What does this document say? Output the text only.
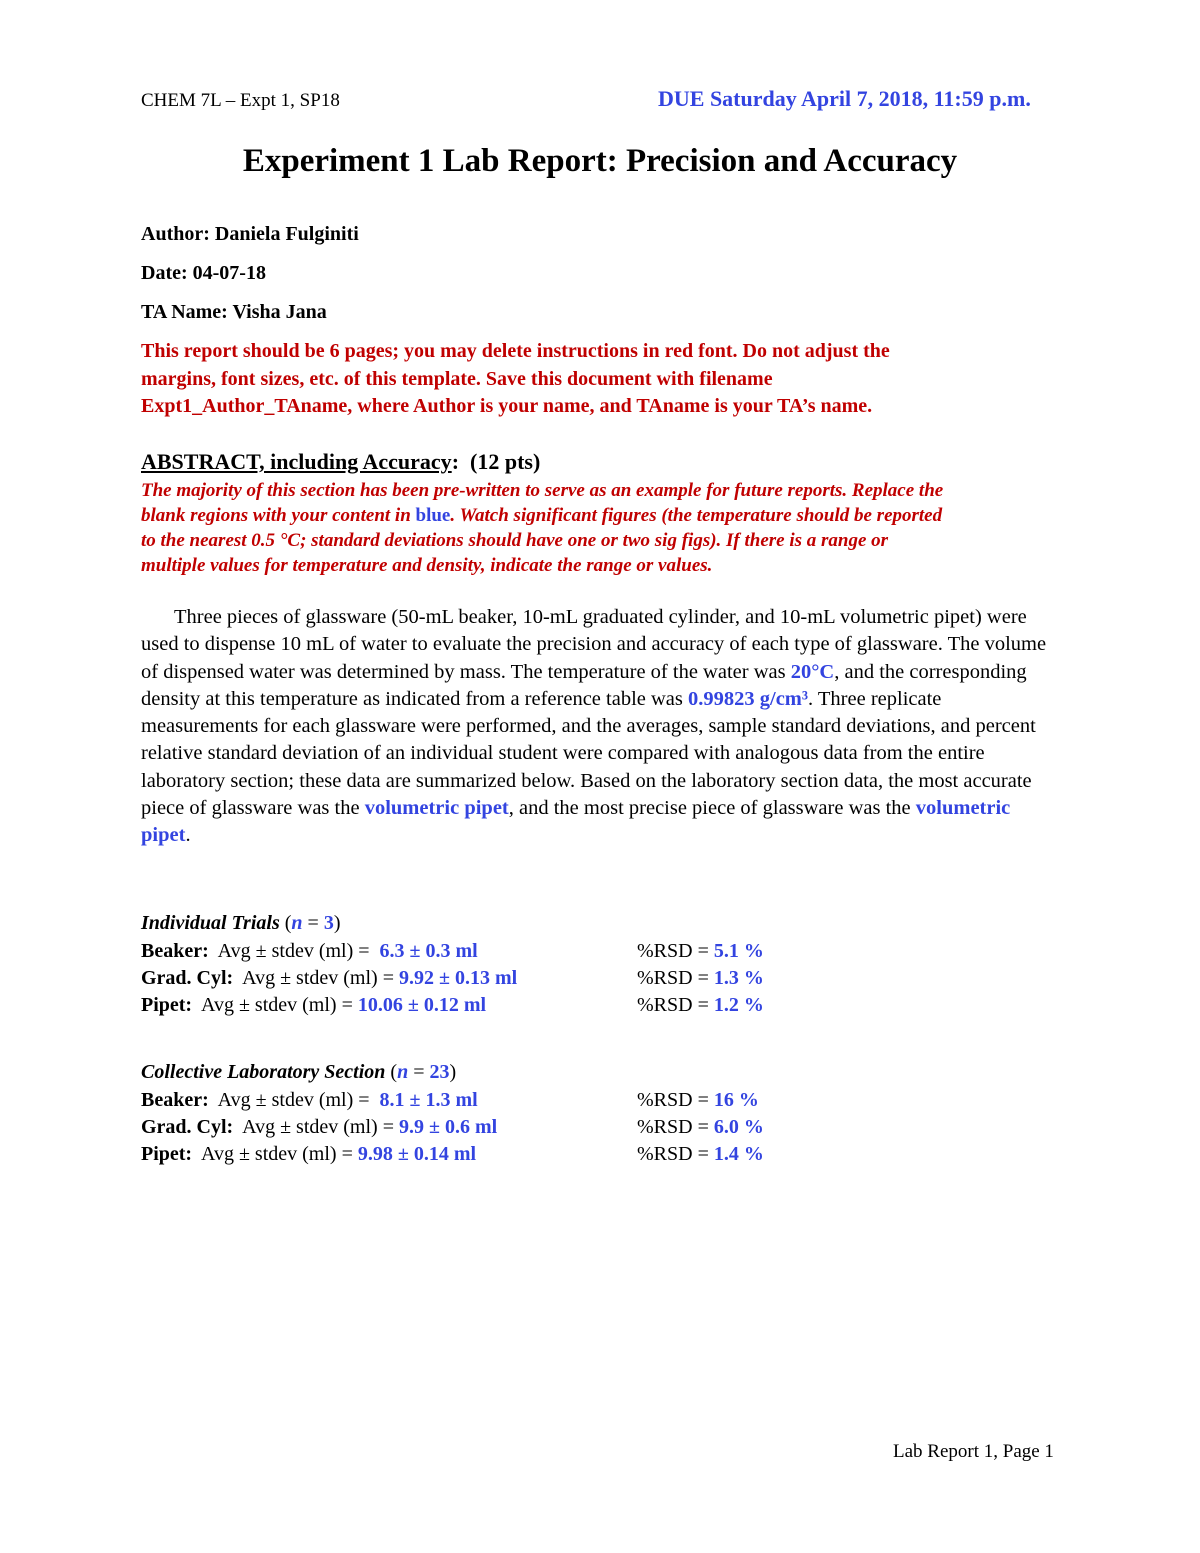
CHEM 7L – Expt 1, SP18	DUE Saturday April 7, 2018, 11:59 p.m.
Experiment 1 Lab Report: Precision and Accuracy
Author: Daniela Fulginiti
Date: 04-07-18
TA Name: Visha Jana
This report should be 6 pages; you may delete instructions in red font. Do not adjust the
margins, font sizes, etc. of this template. Save this document with filename
Expt1_Author_TAname, where Author is your name, and TAname is your TA’s name.
ABSTRACT, including Accuracy: (12 pts)
The majority of this section has been pre-written to serve as an example for future reports. Replace the
blank regions with your content in blue. Watch significant figures (the temperature should be reported
to the nearest 0.5 °C; standard deviations should have one or two sig figs). If there is a range or
multiple values for temperature and density, indicate the range or values.
Three pieces of glassware (50-mL beaker, 10-mL graduated cylinder, and 10-mL volumetric pipet) were used to dispense 10 mL of water to evaluate the precision and accuracy of each type of glassware. The volume of dispensed water was determined by mass. The temperature of the water was 20°C, and the corresponding density at this temperature as indicated from a reference table was 0.99823 g/cm³. Three replicate measurements for each glassware were performed, and the averages, sample standard deviations, and percent relative standard deviation of an individual student were compared with analogous data from the entire laboratory section; these data are summarized below. Based on the laboratory section data, the most accurate piece of glassware was the volumetric pipet, and the most precise piece of glassware was the volumetric pipet.
Individual Trials (n = 3)
Beaker:  Avg ± stdev (ml) =  6.3 ± 0.3 ml	%RSD = 5.1 %
Grad. Cyl:  Avg ± stdev (ml) = 9.92 ± 0.13 ml	%RSD = 1.3 %
Pipet:  Avg ± stdev (ml) = 10.06 ± 0.12 ml	%RSD = 1.2 %
Collective Laboratory Section (n = 23)
Beaker:  Avg ± stdev (ml) =  8.1 ± 1.3 ml	%RSD = 16 %
Grad. Cyl:  Avg ± stdev (ml) = 9.9 ± 0.6 ml	%RSD = 6.0 %
Pipet:  Avg ± stdev (ml) = 9.98 ± 0.14 ml	%RSD = 1.4 %
Lab Report 1, Page 1
